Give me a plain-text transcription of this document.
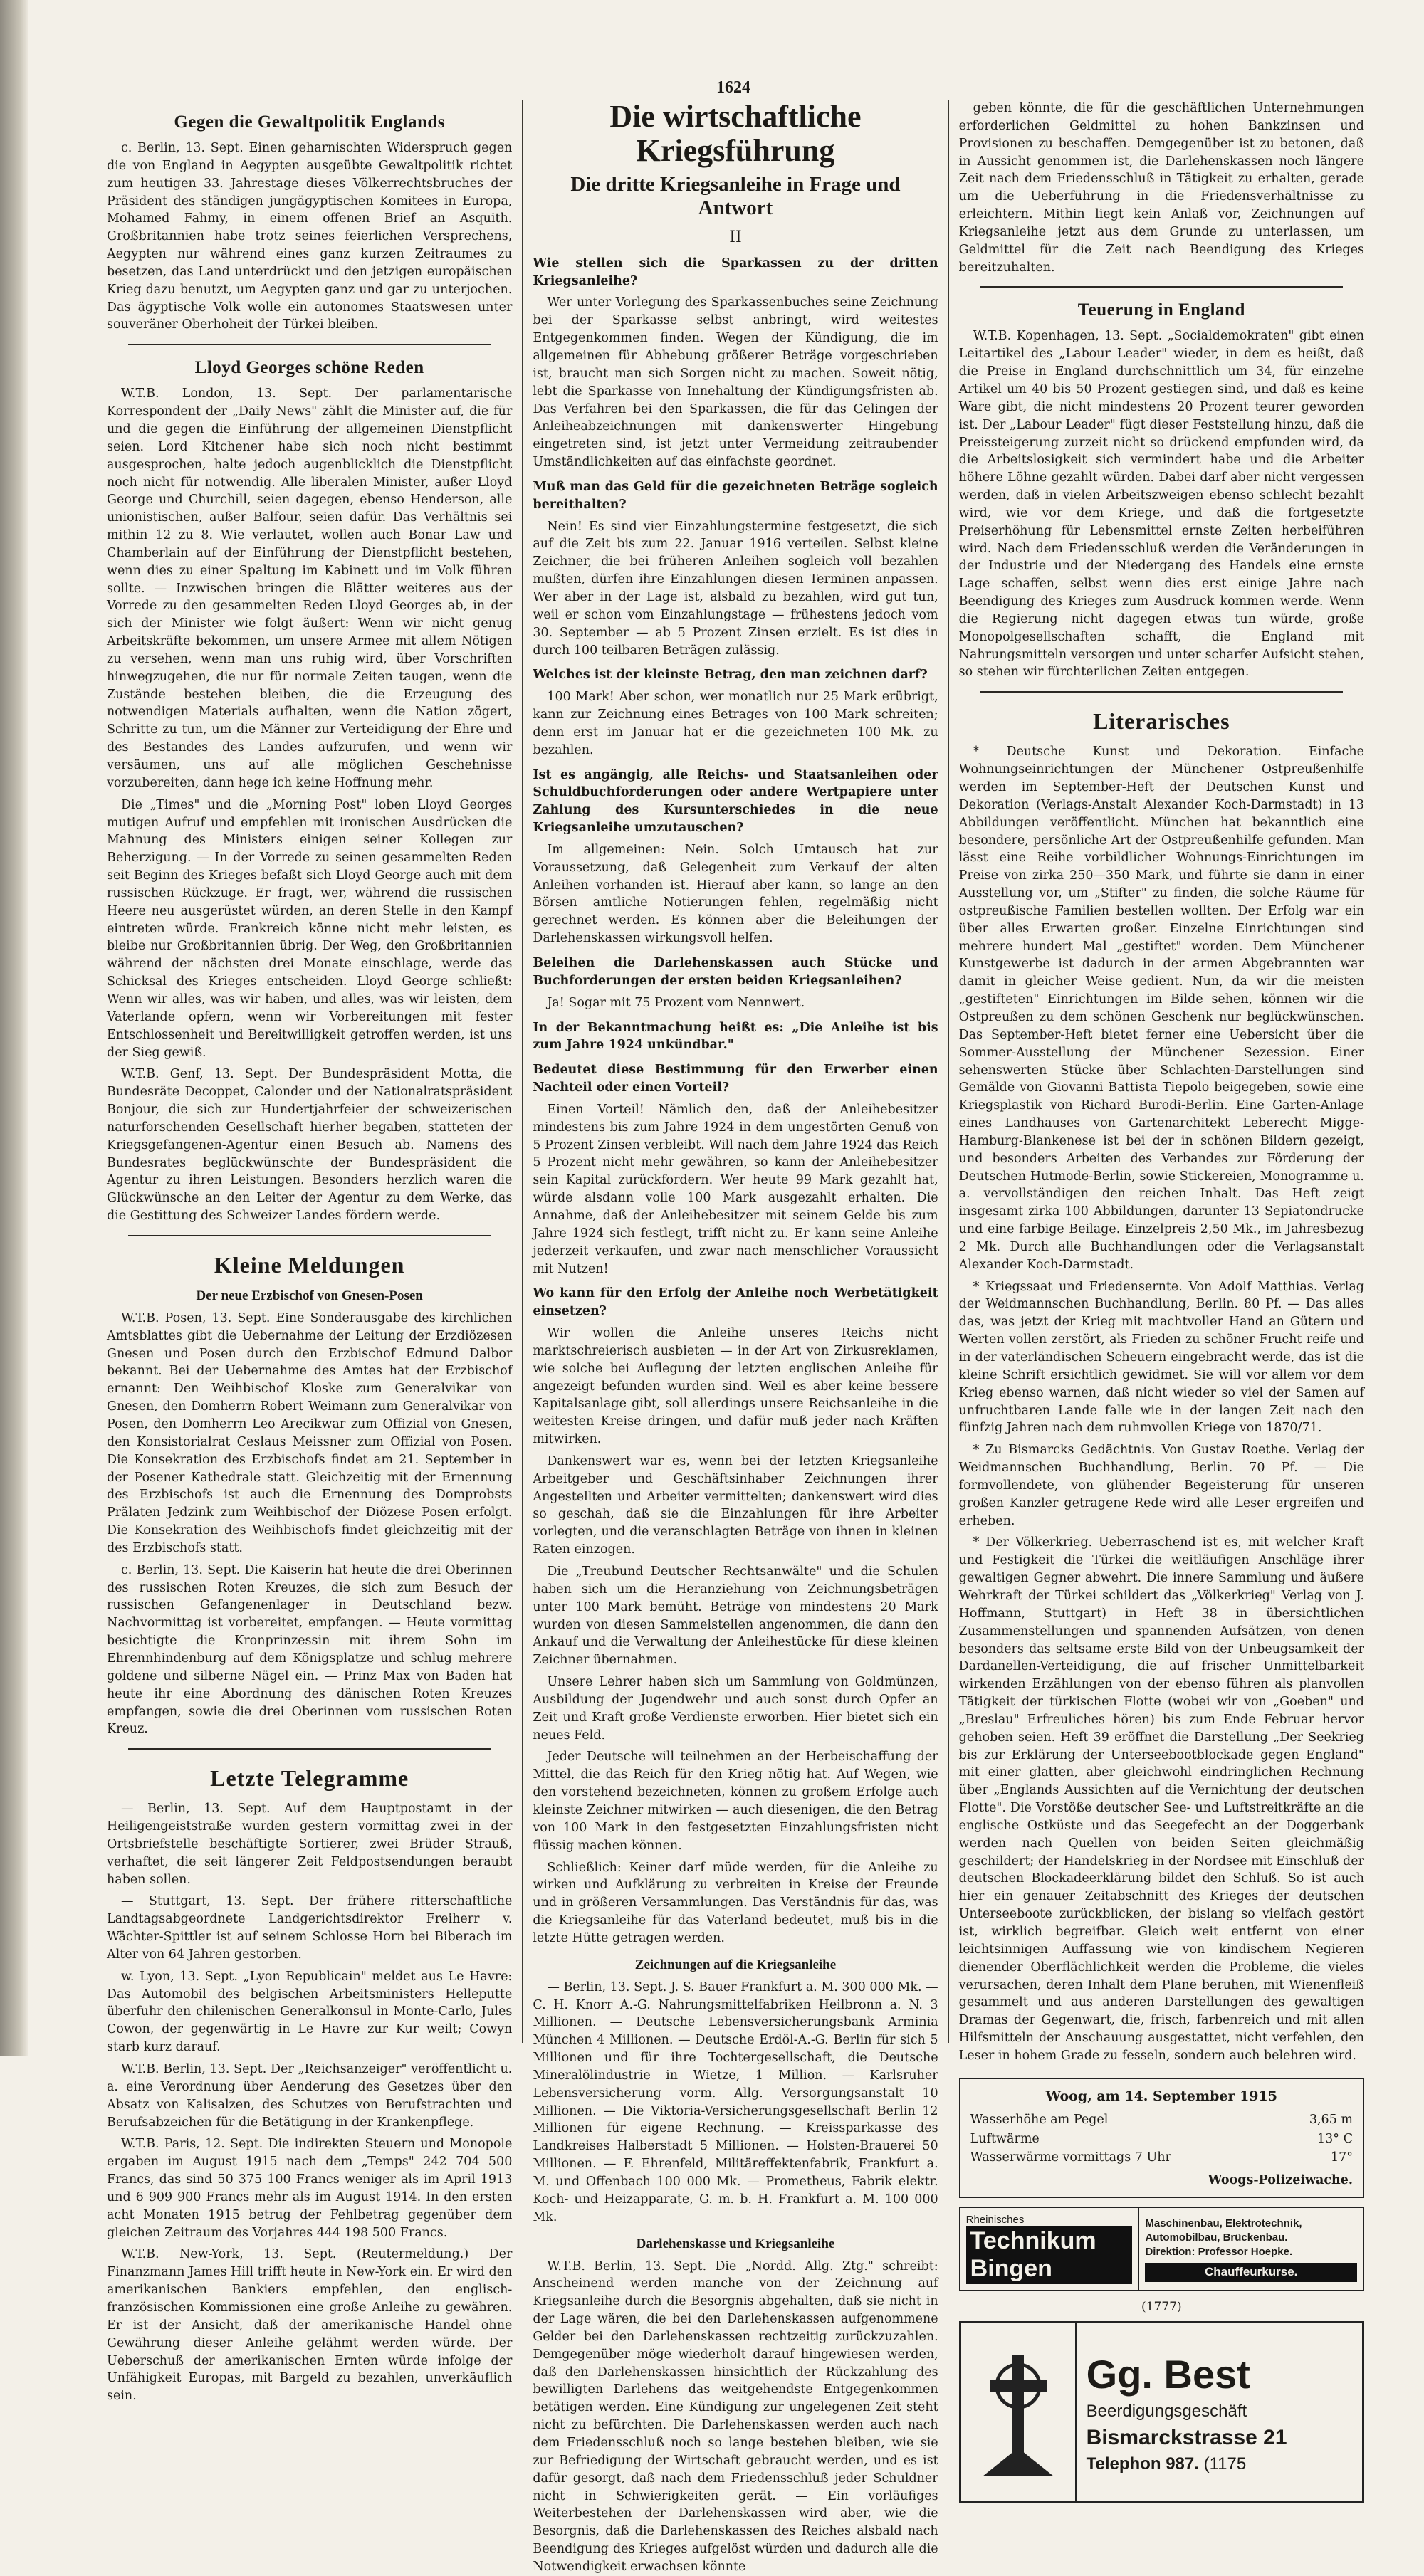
1624
Gegen die Gewaltpolitik Englands

c. Berlin, 13. Sept. Einen geharnischten Widerspruch gegen die von England in Aegypten ausgeübte Gewaltpolitik richtet zum heutigen 33. Jahrestage dieses Völkerrechtsbruches der Präsident des ständigen jungägyptischen Komitees in Europa, Mohamed Fahmy, in einem offenen Brief an Asquith. Großbritannien habe trotz seines feierlichen Versprechens, Aegypten nur während eines ganz kurzen Zeitraumes zu besetzen, das Land unterdrückt und den jetzigen europäischen Krieg dazu benutzt, um Aegypten ganz und gar zu unterjochen. Das ägyptische Volk wolle ein autonomes Staatswesen unter souveräner Oberhoheit der Türkei bleiben.

Lloyd Georges schöne Reden

W.T.B. London, 13. Sept. Der parlamentarische Korrespondent der „Daily News" zählt die Minister auf, die für und die gegen die Einführung der allgemeinen Dienstpflicht seien. Lord Kitchener habe sich noch nicht bestimmt ausgesprochen, halte jedoch augenblicklich die Dienstpflicht noch nicht für notwendig. Alle liberalen Minister, außer Lloyd George und Churchill, seien dagegen, ebenso Henderson, alle unionistischen, außer Balfour, seien dafür. Das Verhältnis sei mithin 12 zu 8. Wie verlautet, wollen auch Bonar Law und Chamberlain auf der Einführung der Dienstpflicht bestehen, wenn dies zu einer Spaltung im Kabinett und im Volk führen sollte. — Inzwischen bringen die Blätter weiteres aus der Vorrede zu den gesammelten Reden Lloyd Georges ab, in der sich der Minister wie folgt äußert: Wenn wir nicht genug Arbeitskräfte bekommen, um unsere Armee mit allem Nötigen zu versehen, wenn man uns ruhig wird, über Vorschriften hinwegzugehen, die nur für normale Zeiten taugen, wenn die Zustände bestehen bleiben, die die Erzeugung des notwendigen Materials aufhalten, wenn die Nation zögert, Schritte zu tun, um die Männer zur Verteidigung der Ehre und des Bestandes des Landes aufzurufen, und wenn wir versäumen, uns auf alle möglichen Geschehnisse vorzubereiten, dann hege ich keine Hoffnung mehr.

Die „Times" und die „Morning Post" loben Lloyd Georges mutigen Aufruf und empfehlen mit ironischen Ausdrücken die Mahnung des Ministers einigen seiner Kollegen zur Beherzigung. — In der Vorrede zu seinen gesammelten Reden seit Beginn des Krieges befaßt sich Lloyd George auch mit dem russischen Rückzuge. Er fragt, wer, während die russischen Heere neu ausgerüstet würden, an deren Stelle in den Kampf eintreten würde. Frankreich könne nicht mehr leisten, es bleibe nur Großbritannien übrig. Der Weg, den Großbritannien während der nächsten drei Monate einschlage, werde das Schicksal des Krieges entscheiden. Lloyd George schließt: Wenn wir alles, was wir haben, und alles, was wir leisten, dem Vaterlande opfern, wenn wir Vorbereitungen mit fester Entschlossenheit und Bereitwilligkeit getroffen werden, ist uns der Sieg gewiß.

W.T.B. Genf, 13. Sept. Der Bundespräsident Motta, die Bundesräte Decoppet, Calonder und der Nationalratspräsident Bonjour, die sich zur Hundertjahrfeier der schweizerischen naturforschenden Gesellschaft hierher begaben, statteten der Kriegsgefangenen-Agentur einen Besuch ab. Namens des Bundesrates beglückwünschte der Bundespräsident die Agentur zu ihren Leistungen. Besonders herzlich waren die Glückwünsche an den Leiter der Agentur zu dem Werke, das die Gestittung des Schweizer Landes fördern werde.

Kleine Meldungen
Der neue Erzbischof von Gnesen-Posen

W.T.B. Posen, 13. Sept. Eine Sonderausgabe des kirchlichen Amtsblattes gibt die Uebernahme der Leitung der Erzdiözesen Gnesen und Posen durch den Erzbischof Edmund Dalbor bekannt. Bei der Uebernahme des Amtes hat der Erzbischof ernannt: Den Weihbischof Kloske zum Generalvikar von Gnesen, den Domherrn Robert Weimann zum Generalvikar von Posen, den Domherrn Leo Arecikwar zum Offizial von Gnesen, den Konsistorialrat Ceslaus Meissner zum Offizial von Posen. Die Konsekration des Erzbischofs findet am 21. September in der Posener Kathedrale statt. Gleichzeitig mit der Ernennung des Erzbischofs ist auch die Ernennung des Domprobsts Prälaten Jedzink zum Weihbischof der Diözese Posen erfolgt. Die Konsekration des Weihbischofs findet gleichzeitig mit der des Erzbischofs statt.

c. Berlin, 13. Sept. Die Kaiserin hat heute die drei Oberinnen des russischen Roten Kreuzes, die sich zum Besuch der russischen Gefangenenlager in Deutschland bezw. Nachvormittag ist vorbereitet, empfangen. — Heute vormittag besichtigte die Kronprinzessin mit ihrem Sohn im Ehrennhindenburg auf dem Königsplatze und schlug mehrere goldene und silberne Nägel ein. — Prinz Max von Baden hat heute ihr eine Abordnung des dänischen Roten Kreuzes empfangen, sowie die drei Oberinnen vom russischen Roten Kreuz.

Letzte Telegramme

— Berlin, 13. Sept. Auf dem Hauptpostamt in der Heiligengeiststraße wurden gestern vormittag zwei in der Ortsbriefstelle beschäftigte Sortierer, zwei Brüder Strauß, verhaftet, die seit längerer Zeit Feldpostsendungen beraubt haben sollen.

— Stuttgart, 13. Sept. Der frühere ritterschaftliche Landtagsabgeordnete Landgerichtsdirektor Freiherr v. Wächter-Spittler ist auf seinem Schlosse Horn bei Biberach im Alter von 64 Jahren gestorben.

w. Lyon, 13. Sept. „Lyon Republicain" meldet aus Le Havre: Das Automobil des belgischen Arbeitsministers Helleputte überfuhr den chilenischen Generalkonsul in Monte-Carlo, Jules Cowon, der gegenwärtig in Le Havre zur Kur weilt; Cowyn starb kurz darauf.

W.T.B. Berlin, 13. Sept. Der „Reichsanzeiger" veröffentlicht u. a. eine Verordnung über Aenderung des Gesetzes über den Absatz von Kalisalzen, des Schutzes von Berufstrachten und Berufsabzeichen für die Betätigung in der Krankenpflege.

W.T.B. Paris, 12. Sept. Die indirekten Steuern und Monopole ergaben im August 1915 nach dem „Temps" 242 704 500 Francs, das sind 50 375 100 Francs weniger als im April 1913 und 6 909 900 Francs mehr als im August 1914. In den ersten acht Monaten 1915 betrug der Fehlbetrag gegenüber dem gleichen Zeitraum des Vorjahres 444 198 500 Francs.

W.T.B. New-York, 13. Sept. (Reutermeldung.) Der Finanzmann James Hill trifft heute in New-York ein. Er wird den amerikanischen Bankiers empfehlen, den englisch-französischen Kommissionen eine große Anleihe zu gewähren. Er ist der Ansicht, daß der amerikanische Handel ohne Gewährung dieser Anleihe gelähmt werden würde. Der Ueberschuß der amerikanischen Ernten würde infolge der Unfähigkeit Europas, mit Bargeld zu bezahlen, unverkäuflich sein.

Die wirtschaftliche Kriegsführung
Die dritte Kriegsanleihe in Frage und Antwort
II

Wie stellen sich die Sparkassen zu der dritten Kriegsanleihe?

Wer unter Vorlegung des Sparkassenbuches seine Zeichnung bei der Sparkasse selbst anbringt, wird weitestes Entgegenkommen finden. Wegen der Kündigung, die im allgemeinen für Abhebung größerer Beträge vorgeschrieben ist, braucht man sich Sorgen nicht zu machen. Soweit nötig, lebt die Sparkasse von Innehaltung der Kündigungsfristen ab. Das Verfahren bei den Sparkassen, die für das Gelingen der Anleiheabzeichnungen mit dankenswerter Hingebung eingetreten sind, ist jetzt unter Vermeidung zeitraubender Umständlichkeiten auf das einfachste geordnet.

Muß man das Geld für die gezeichneten Beträge sogleich bereithalten?

Nein! Es sind vier Einzahlungstermine festgesetzt, die sich auf die Zeit bis zum 22. Januar 1916 verteilen. Selbst kleine Zeichner, die bei früheren Anleihen sogleich voll bezahlen mußten, dürfen ihre Einzahlungen diesen Terminen anpassen. Wer aber in der Lage ist, alsbald zu bezahlen, wird gut tun, weil er schon vom Einzahlungstage — frühestens jedoch vom 30. September — ab 5 Prozent Zinsen erzielt. Es ist dies in durch 100 teilbaren Beträgen zulässig.

Welches ist der kleinste Betrag, den man zeichnen darf?

100 Mark! Aber schon, wer monatlich nur 25 Mark erübrigt, kann zur Zeichnung eines Betrages von 100 Mark schreiten; denn erst im Januar hat er die gezeichneten 100 Mk. zu bezahlen.

Ist es angängig, alle Reichs- und Staatsanleihen oder Schuldbuchforderungen oder andere Wertpapiere unter Zahlung des Kursunterschiedes in die neue Kriegsanleihe umzutauschen?

Im allgemeinen: Nein. Solch Umtausch hat zur Voraussetzung, daß Gelegenheit zum Verkauf der alten Anleihen vorhanden ist. Hierauf aber kann, so lange an den Börsen amtliche Notierungen fehlen, regelmäßig nicht gerechnet werden. Es können aber die Beleihungen der Darlehenskassen wirkungsvoll helfen.

Beleihen die Darlehenskassen auch Stücke und Buchforderungen der ersten beiden Kriegsanleihen?

Ja! Sogar mit 75 Prozent vom Nennwert.

In der Bekanntmachung heißt es: „Die Anleihe ist bis zum Jahre 1924 unkündbar."

Bedeutet diese Bestimmung für den Erwerber einen Nachteil oder einen Vorteil?

Einen Vorteil! Nämlich den, daß der Anleihebesitzer mindestens bis zum Jahre 1924 in dem ungestörten Genuß von 5 Prozent Zinsen verbleibt. Will nach dem Jahre 1924 das Reich 5 Prozent nicht mehr gewähren, so kann der Anleihebesitzer sein Kapital zurückfordern. Wer heute 99 Mark gezahlt hat, würde alsdann volle 100 Mark ausgezahlt erhalten. Die Annahme, daß der Anleihebesitzer mit seinem Gelde bis zum Jahre 1924 sich festlegt, trifft nicht zu. Er kann seine Anleihe jederzeit verkaufen, und zwar nach menschlicher Voraussicht mit Nutzen!

Wo kann für den Erfolg der Anleihe noch Werbetätigkeit einsetzen?

Wir wollen die Anleihe unseres Reichs nicht marktschreierisch ausbieten — in der Art von Zirkusreklamen, wie solche bei Auflegung der letzten englischen Anleihe für angezeigt befunden wurden sind. Weil es aber keine bessere Kapitalsanlage gibt, soll allerdings unsere Reichsanleihe in die weitesten Kreise dringen, und dafür muß jeder nach Kräften mitwirken.

Dankenswert war es, wenn bei der letzten Kriegsanleihe Arbeitgeber und Geschäftsinhaber Zeichnungen ihrer Angestellten und Arbeiter vermittelten; dankenswert wird dies so geschah, daß sie die Einzahlungen für ihre Arbeiter vorlegten, und die veranschlagten Beträge von ihnen in kleinen Raten einzogen.

Die „Treubund Deutscher Rechtsanwälte" und die Schulen haben sich um die Heranziehung von Zeichnungsbeträgen unter 100 Mark bemüht. Beträge von mindestens 20 Mark wurden von diesen Sammelstellen angenommen, die dann den Ankauf und die Verwaltung der Anleihestücke für diese kleinen Zeichner übernahmen.

Unsere Lehrer haben sich um Sammlung von Goldmünzen, Ausbildung der Jugendwehr und auch sonst durch Opfer an Zeit und Kraft große Verdienste erworben. Hier bietet sich ein neues Feld.

Jeder Deutsche will teilnehmen an der Herbeischaffung der Mittel, die das Reich für den Krieg nötig hat. Auf Wegen, wie den vorstehend bezeichneten, können zu großem Erfolge auch kleinste Zeichner mitwirken — auch diesenigen, die den Betrag von 100 Mark in den festgesetzten Einzahlungsfristen nicht flüssig machen können.

Schließlich: Keiner darf müde werden, für die Anleihe zu wirken und Aufklärung zu verbreiten in Kreise der Freunde und in größeren Versammlungen. Das Verständnis für das, was die Kriegsanleihe für das Vaterland bedeutet, muß bis in die letzte Hütte getragen werden.

Zeichnungen auf die Kriegsanleihe

— Berlin, 13. Sept. J. S. Bauer Frankfurt a. M. 300 000 Mk. — C. H. Knorr A.-G. Nahrungsmittelfabriken Heilbronn a. N. 3 Millionen. — Deutsche Lebensversicherungsbank Arminia München 4 Millionen. — Deutsche Erdöl-A.-G. Berlin für sich 5 Millionen und für ihre Tochtergesellschaft, die Deutsche Mineralölindustrie in Wietze, 1 Million. — Karlsruher Lebensversicherung vorm. Allg. Versorgungsanstalt 10 Millionen. — Die Viktoria-Versicherungsgesellschaft Berlin 12 Millionen für eigene Rechnung. — Kreissparkasse des Landkreises Halberstadt 5 Millionen. — Holsten-Brauerei 50 Millionen. — F. Ehrenfeld, Militäreffektenfabrik, Frankfurt a. M. und Offenbach 100 000 Mk. — Prometheus, Fabrik elektr. Koch- und Heizapparate, G. m. b. H. Frankfurt a. M. 100 000 Mk.

Darlehenskasse und Kriegsanleihe

W.T.B. Berlin, 13. Sept. Die „Nordd. Allg. Ztg." schreibt: Anscheinend werden manche von der Zeichnung auf Kriegsanleihe durch die Besorgnis abgehalten, daß sie nicht in der Lage wären, die bei den Darlehenskassen aufgenommene Gelder bei den Darlehenskassen rechtzeitig zurückzuzahlen. Demgegenüber möge wiederholt darauf hingewiesen werden, daß den Darlehenskassen hinsichtlich der Rückzahlung des bewilligten Darlehens das weitgehendste Entgegenkommen betätigen werden. Eine Kündigung zur ungelegenen Zeit steht nicht zu befürchten. Die Darlehenskassen werden auch nach dem Friedensschluß noch so lange bestehen bleiben, wie sie zur Befriedigung der Wirtschaft gebraucht werden, und es ist dafür gesorgt, daß nach dem Friedensschluß jeder Schuldner nicht in Schwierigkeiten gerät. — Ein vorläufiges Weiterbestehen der Darlehenskassen wird aber, wie die Besorgnis, daß die Darlehenskassen des Reiches alsbald nach Beendigung des Krieges aufgelöst würden und dadurch alle die Notwendigkeit erwachsen könnte

geben könnte, die für die geschäftlichen Unternehmungen erforderlichen Geldmittel zu hohen Bankzinsen und Provisionen zu beschaffen. Demgegenüber ist zu betonen, daß in Aussicht genommen ist, die Darlehenskassen noch längere Zeit nach dem Friedensschluß in Tätigkeit zu erhalten, gerade um die Ueberführung in die Friedensverhältnisse zu erleichtern. Mithin liegt kein Anlaß vor, Zeichnungen auf Kriegsanleihe jetzt aus dem Grunde zu unterlassen, um Geldmittel für die Zeit nach Beendigung des Krieges bereitzuhalten.

Teuerung in England

W.T.B. Kopenhagen, 13. Sept. „Socialdemokraten" gibt einen Leitartikel des „Labour Leader" wieder, in dem es heißt, daß die Preise in England durchschnittlich um 34, für einzelne Artikel um 40 bis 50 Prozent gestiegen sind, und daß es keine Ware gibt, die nicht mindestens 20 Prozent teurer geworden ist. Der „Labour Leader" fügt dieser Feststellung hinzu, daß die Preissteigerung zurzeit nicht so drückend empfunden wird, da die Arbeitslosigkeit sich vermindert habe und die Arbeiter höhere Löhne gezahlt würden. Dabei darf aber nicht vergessen werden, daß in vielen Arbeitszweigen ebenso schlecht bezahlt wird, wie vor dem Kriege, und daß die fortgesetzte Preiserhöhung für Lebensmittel ernste Zeiten herbeiführen wird. Nach dem Friedensschluß werden die Veränderungen in der Industrie und der Niedergang des Handels eine ernste Lage schaffen, selbst wenn dies erst einige Jahre nach Beendigung des Krieges zum Ausdruck kommen werde. Wenn die Regierung nicht dagegen etwas tun würde, große Monopolgesellschaften schafft, die England mit Nahrungsmitteln versorgen und unter scharfer Aufsicht stehen, so stehen wir fürchterlichen Zeiten entgegen.

Literarisches

* Deutsche Kunst und Dekoration. Einfache Wohnungseinrichtungen der Münchener Ostpreußenhilfe werden im September-Heft der Deutschen Kunst und Dekoration (Verlags-Anstalt Alexander Koch-Darmstadt) in 13 Abbildungen veröffentlicht. München hat bekanntlich eine besondere, persönliche Art der Ostpreußenhilfe gefunden. Man lässt eine Reihe vorbildlicher Wohnungs-Einrichtungen im Preise von zirka 250—350 Mark, und führte sie dann in einer Ausstellung vor, um „Stifter" zu finden, die solche Räume für ostpreußische Familien bestellen wollten. Der Erfolg war ein über alles Erwarten großer. Einzelne Einrichtungen sind mehrere hundert Mal „gestiftet" worden. Dem Münchener Kunstgewerbe ist dadurch in der armen Abgebrannten war damit in gleicher Weise gedient. Nun, da wir die meisten „gestifteten" Einrichtungen im Bilde sehen, können wir die Ostpreußen zu dem schönen Geschenk nur beglückwünschen. Das September-Heft bietet ferner eine Uebersicht über die Sommer-Ausstellung der Münchener Sezession. Einer sehenswerten Stücke über Schlachten-Darstellungen sind Gemälde von Giovanni Battista Tiepolo beigegeben, sowie eine Kriegsplastik von Richard Burodi-Berlin. Eine Garten-Anlage eines Landhauses von Gartenarchitekt Leberecht Migge-Hamburg-Blankenese ist bei der in schönen Bildern gezeigt, und besonders Arbeiten des Verbandes zur Förderung der Deutschen Hutmode-Berlin, sowie Stickereien, Monogramme u. a. vervollständigen den reichen Inhalt. Das Heft zeigt insgesamt zirka 100 Abbildungen, darunter 13 Sepiatondrucke und eine farbige Beilage. Einzelpreis 2,50 Mk., im Jahresbezug 2 Mk. Durch alle Buchhandlungen oder die Verlagsanstalt Alexander Koch-Darmstadt.

* Kriegssaat und Friedensernte. Von Adolf Matthias. Verlag der Weidmannschen Buchhandlung, Berlin. 80 Pf. — Das alles das, was jetzt der Krieg mit machtvoller Hand an Gütern und Werten vollen zerstört, als Frieden zu schöner Frucht reife und in der vaterländischen Scheuern eingebracht werde, das ist die kleine Schrift ersichtlich gewidmet. Sie will vor allem vor dem Krieg ebenso warnen, daß nicht wieder so viel der Samen auf unfruchtbaren Lande falle wie in der langen Zeit nach den fünfzig Jahren nach dem ruhmvollen Kriege von 1870/71.

* Zu Bismarcks Gedächtnis. Von Gustav Roethe. Verlag der Weidmannschen Buchhandlung, Berlin. 70 Pf. — Die formvollendete, von glühender Begeisterung für unseren großen Kanzler getragene Rede wird alle Leser ergreifen und erheben.

* Der Völkerkrieg. Ueberraschend ist es, mit welcher Kraft und Festigkeit die Türkei die weitläufigen Anschläge ihrer gewaltigen Gegner abwehrt. Die innere Sammlung und äußere Wehrkraft der Türkei schildert das „Völkerkrieg" Verlag von J. Hoffmann, Stuttgart) in Heft 38 in übersichtlichen Zusammenstellungen und spannenden Aufsätzen, von denen besonders das seltsame erste Bild von der Unbeugsamkeit der Dardanellen-Verteidigung, die auf frischer Unmittelbarkeit wirkenden Erzählungen von der ebenso führen als planvollen Tätigkeit der türkischen Flotte (wobei wir von „Goeben" und „Breslau" Erfreuliches hören) bis zum Ende Februar hervor gehoben seien. Heft 39 eröffnet die Darstellung „Der Seekrieg bis zur Erklärung der Unterseebootblockade gegen England" mit einer glatten, aber gleichwohl eindringlichen Rechnung über „Englands Aussichten auf die Vernichtung der deutschen Flotte". Die Vorstöße deutscher See- und Luftstreitkräfte an die englische Ostküste und das Seegefecht an der Doggerbank werden nach Quellen von beiden Seiten gleichmäßig geschildert; der Handelskrieg in der Nordsee mit Einschluß der deutschen Blockadeerklärung bildet den Schluß. So ist auch hier ein genauer Zeitabschnitt des Krieges der deutschen Unterseeboote zurückblicken, der bislang so vielfach gestört ist, wirklich begreifbar. Gleich weit entfernt von einer leichtsinnigen Auffassung wie von kindischem Negieren dienender Oberflächlichkeit werden die Probleme, die vieles verursachen, deren Inhalt dem Plane beruhen, mit Wienenfleiß gesammelt und aus anderen Darstellungen des gewaltigen Dramas der Gegenwart, die, frisch, farbenreich und mit allen Hilfsmitteln der Anschauung ausgestattet, nicht verfehlen, den Leser in hohem Grade zu fesseln, sondern auch belehren wird.

Woog, am 14. September 1915
Wasserhöhe am Pegel	3,65 m
Luftwärme	13° C
Wasserwärme vormittags 7 Uhr	17°
Woogs-Polizeiwache.
Rheinisches
Technikum Bingen
Maschinenbau, Elektrotechnik,
Automobilbau, Brückenbau.
Direktion: Professor Hoepke.
Chauffeurkurse.
(1777)
Gg. Best
Beerdigungsgeschäft
Bismarckstrasse 21
Telephon 987. (1175
